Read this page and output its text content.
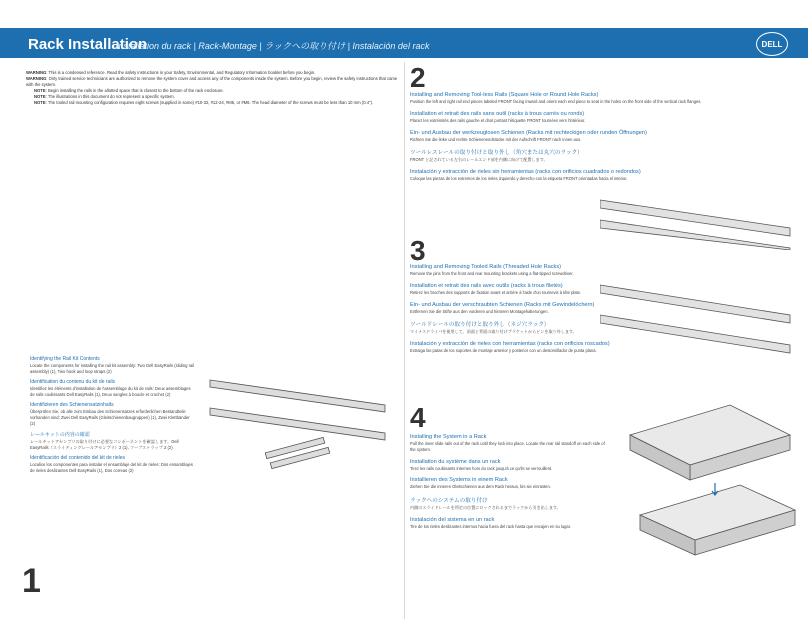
Rack Installation
Installation du rack | Rack-Montage | ラックへの取り付け | Instalación del rack	DELL

WARNING: This is a condensed reference. Read the safety instructions in your Safety, Environmental, and Regulatory Information booklet before you begin.

WARNING: Only trained service technicians are authorized to remove the system cover and access any of the components inside the system. Before you begin, review the safety instructions that came with the system.

NOTE: Begin installing the rails in the allotted space that is closest to the bottom of the rack enclosure.

NOTE: The illustrations in this document do not represent a specific system.

NOTE: The tooled rail mounting configuration requires eight screws (supplied in some) #10-32, #12-24, #M5, or #M6. The head diameter of the screws must be less than 10 mm (0.4").

Identifying the Rail Kit Contents

Locate the components for installing the rail kit assembly: Two Dell EasyRails (sliding rail assembly) (1), Two hook and loop straps (2)

Identification du contenu du kit de rails

Identifiez les éléments d'installation de l'assemblage du kit de rails: Deux assemblages de rails coulissants Dell EasyRails (1), Deux sangles à boucle et crochet (2)

Identifizieren des Schienensatzinhalts

Überprüfen Sie, ob alle zum Einbau des Schienensatzes erforderlichen Bestandteile vorhanden sind: Zwei Dell EasyRails (Gleitschienenbaugruppen) (1), Zwei Klettbänder (2)

レールキットの内容の確認

レールキットアセンブリの取り付けに必要なコンポーネントを確認します。Dell EasyRails（スライディングレールアセンブリ）2 (1), フープストラップ 2 (2)

Identificación del contenido del kit de rieles

Localice los componentes para instalar el ensamblaje del kit de rieles: Dos ensamblajes de rieles deslizantes Dell EasyRails (1), Dos correas (2)

1
2
Installing and Removing Tool-less Rails (Square Hole or Round Hole Racks)

Position the left and right rail end pieces labeled FRONT facing inward and orient each end piece to seat in the holes on the front side of the vertical rack flanges.

Installation et retrait des rails sans outil (racks à trous carrés ou ronds)

Placez les extrémités des rails gauche et droit portant l'étiquette FRONT tournées vers l'intérieur.

Ein- und Ausbau der werkzeuglosen Schienen (Racks mit rechteckigen oder runden Öffnungen)

Richten Sie die linke und rechte Schienenendstücke mit der Aufschrift FRONT nach innen aus.

ツールレスレールの取り付けと取り外し（角穴または丸穴のラック）

FRONT と記されている左右のレールエンド部を内側に向けて配置します。

Instalación y extracción de rieles sin herramientas (racks con orificios cuadrados o redondos)

Coloque las piezas de los extremos de los rieles izquierdo y derecho con la etiqueta FRONT orientadas hacia el interior.

3
Installing and Removing Tooled Rails (Threaded Hole Racks)

Remove the pins from the front and rear mounting brackets using a flat-tipped screwdriver.

Installation et retrait des rails avec outils (racks à trous filetés)

Retirez les broches des supports de fixation avant et arrière à l'aide d'un tournevis à tête plate.

Ein- und Ausbau der verschraubten Schienen (Racks mit Gewindelöchern)

Entfernen Sie die Stifte aus den vorderen und hinteren Montagehalterungen.

ツールドレールの取り付けと取り外し（ネジ穴ラック）

マイナスドライバを使用して、前面と背面の取り付けブラケットからピンを取り外します。

Instalación y extracción de rieles con herramientas (racks con orificios roscados)

Extraiga las patas de los soportes de montaje anterior y posterior con un destornillador de punta plana.

4
Installing the System in a Rack

Pull the inner slide rails out of the rack until they lock into place. Locate the rear rail standoff on each side of the system.

Installation du système dans un rack

Tirez les rails coulissants internes hors du rack jusqu'à ce qu'ils se verrouillent.

Installieren des Systems in einem Rack

Ziehen Sie die inneren Gleitschienen aus dem Rack heraus, bis sie einrasten.

ラックへのシステムの取り付け

内側のスライドレールを所定の位置にロックされるまでラックから引き出します。

Instalación del sistema en un rack

Tire de los rieles deslizantes internos hacia fuera del rack hasta que encajen en su lugar.
